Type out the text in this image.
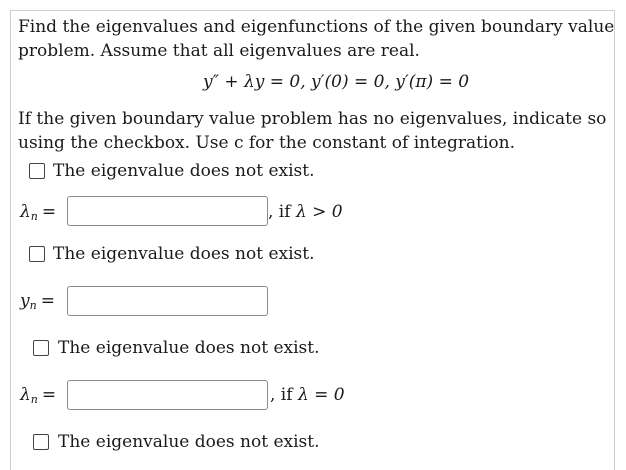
Find the eigenvalues and eigenfunctions of the given boundary value
problem. Assume that all eigenvalues are real.
y″ + λy = 0, y′(0) = 0, y′(π) = 0
If the given boundary value problem has no eigenvalues, indicate so
using the checkbox. Use c for the constant of integration.
The eigenvalue does not exist.
$\lambda_n$ =	, if λ > 0
The eigenvalue does not exist.
$y_n$ =
The eigenvalue does not exist.
$\lambda_n$ =	, if λ = 0
The eigenvalue does not exist.
